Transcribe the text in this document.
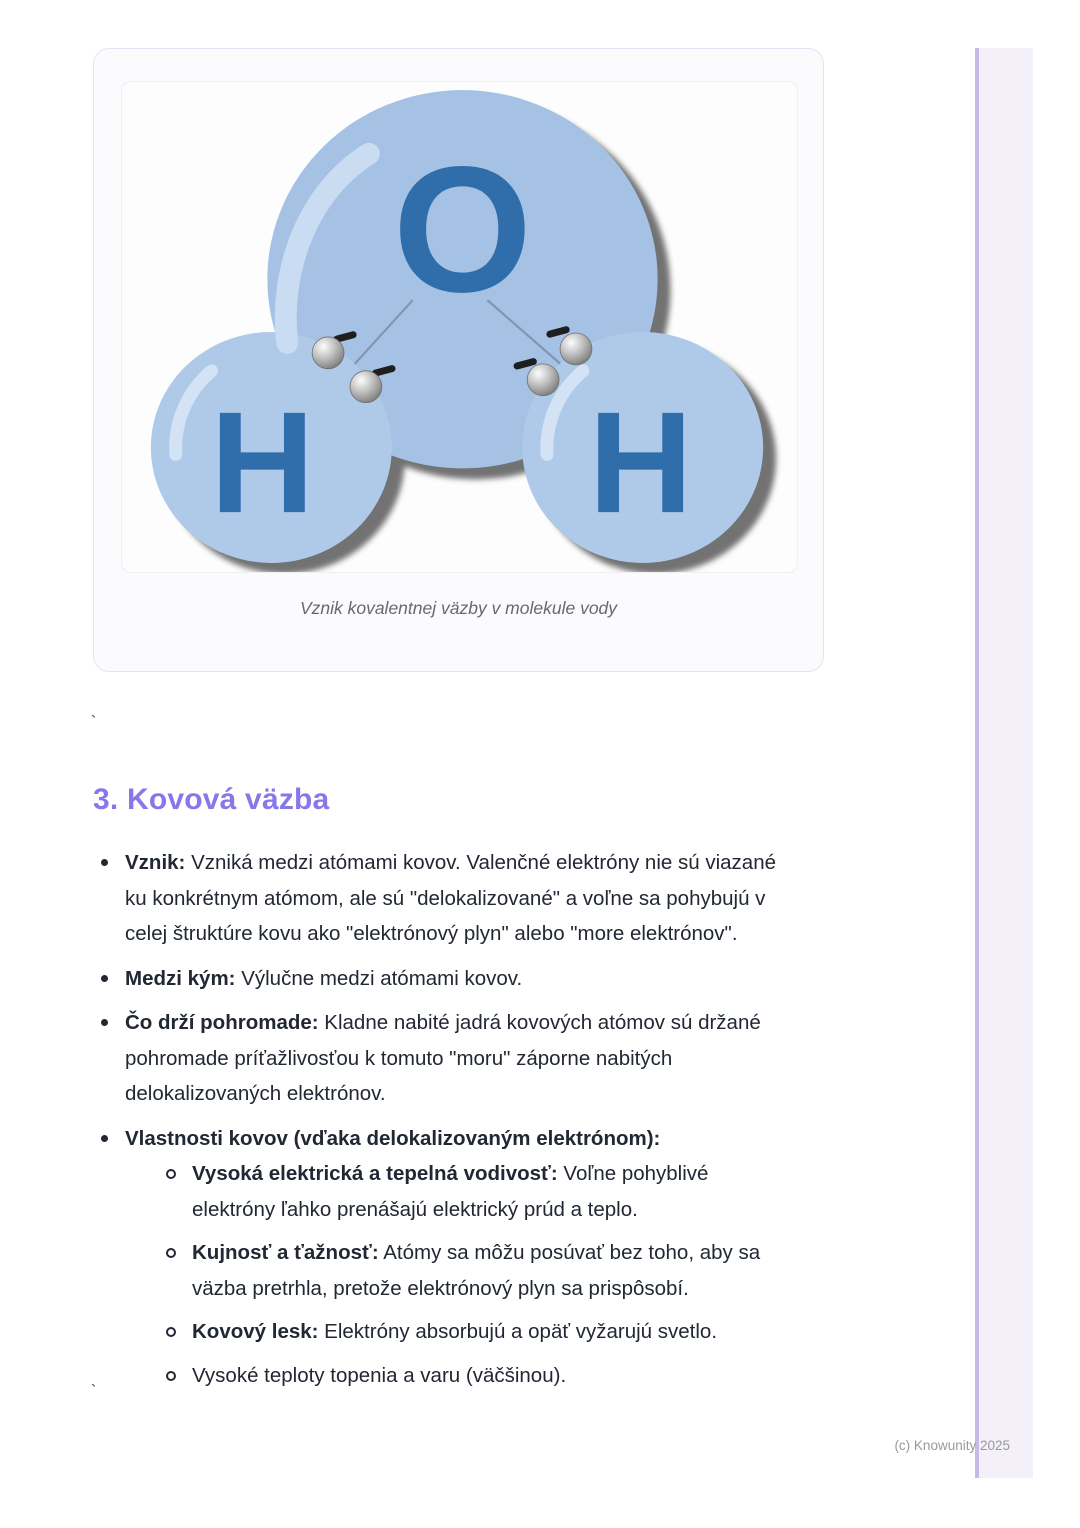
O
H H
Vznik kovalentnej väzby v molekule vody
`
3. Kovová väzba
Vznik: Vzniká medzi atómami kovov. Valenčné elektróny nie sú viazané ku konkrétnym atómom, ale sú "delokalizované" a voľne sa pohybujú v celej štruktúre kovu ako "elektrónový plyn" alebo "more elektrónov".
Medzi kým: Výlučne medzi atómami kovov.
Čo drží pohromade: Kladne nabité jadrá kovových atómov sú držané pohromade príťažlivosťou k tomuto "moru" záporne nabitých delokalizovaných elektrónov.
Vlastnosti kovov (vďaka delokalizovaným elektrónom):
Vysoká elektrická a tepelná vodivosť: Voľne pohyblivé elektróny ľahko prenášajú elektrický prúd a teplo.
Kujnosť a ťažnosť: Atómy sa môžu posúvať bez toho, aby sa väzba pretrhla, pretože elektrónový plyn sa prispôsobí.
Kovový lesk: Elektróny absorbujú a opäť vyžarujú svetlo.
Vysoké teploty topenia a varu (väčšinou).
`
(c) Knowunity 2025
